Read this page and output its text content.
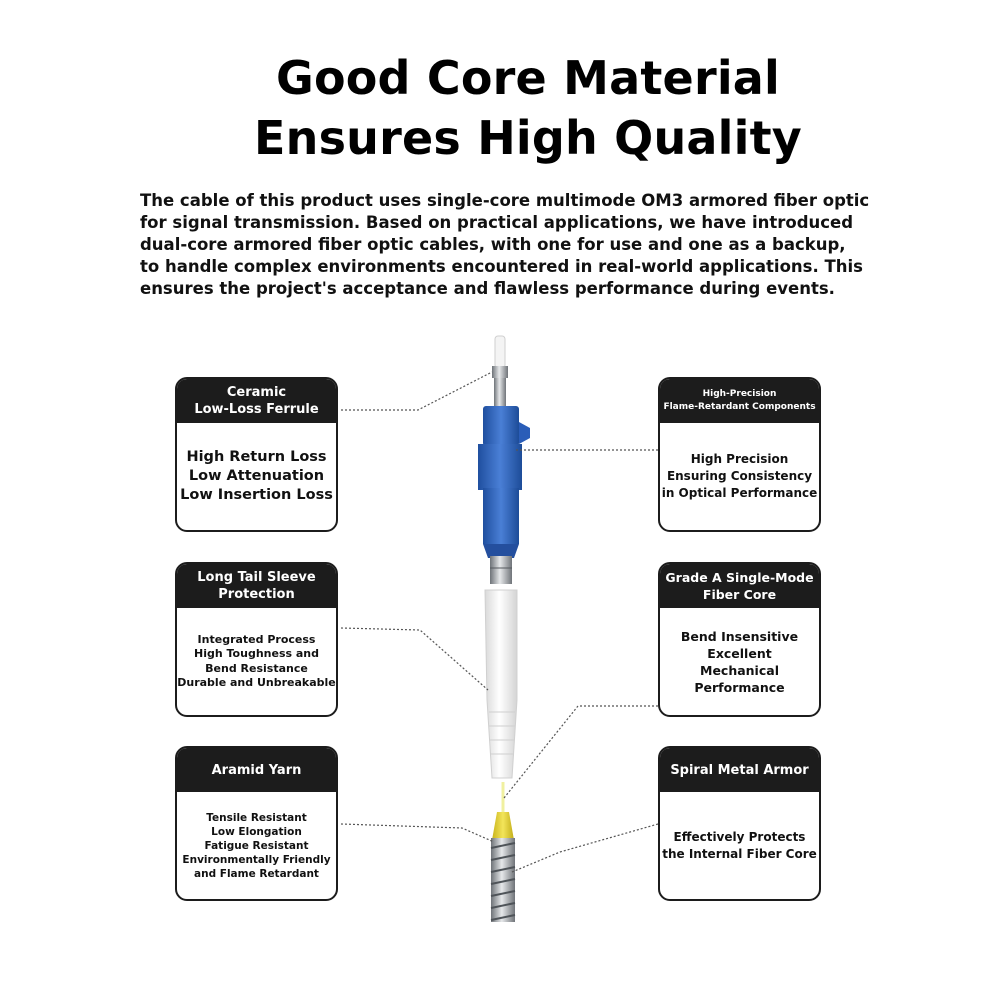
Good Core Material
Ensures High Quality
The cable of this product uses single-core multimode OM3 armored fiber optic for signal transmission. Based on practical applications, we have introduced dual-core armored fiber optic cables, with one for use and one as a backup, to handle complex environments encountered in real-world applications. This ensures the project's acceptance and flawless performance during events.
Ceramic
Low-Loss Ferrule
High Return Loss
Low Attenuation
Low Insertion Loss
Long Tail Sleeve
Protection
Integrated Process
High Toughness and
Bend Resistance
Durable and Unbreakable
Aramid Yarn
Tensile Resistant
Low Elongation
Fatigue Resistant
Environmentally Friendly
and Flame Retardant
High-Precision
Flame-Retardant Components
High Precision
Ensuring Consistency
in Optical Performance
Grade A Single-Mode
Fiber Core
Bend Insensitive
Excellent
Mechanical
Performance
Spiral Metal Armor
Effectively Protects
the Internal Fiber Core
